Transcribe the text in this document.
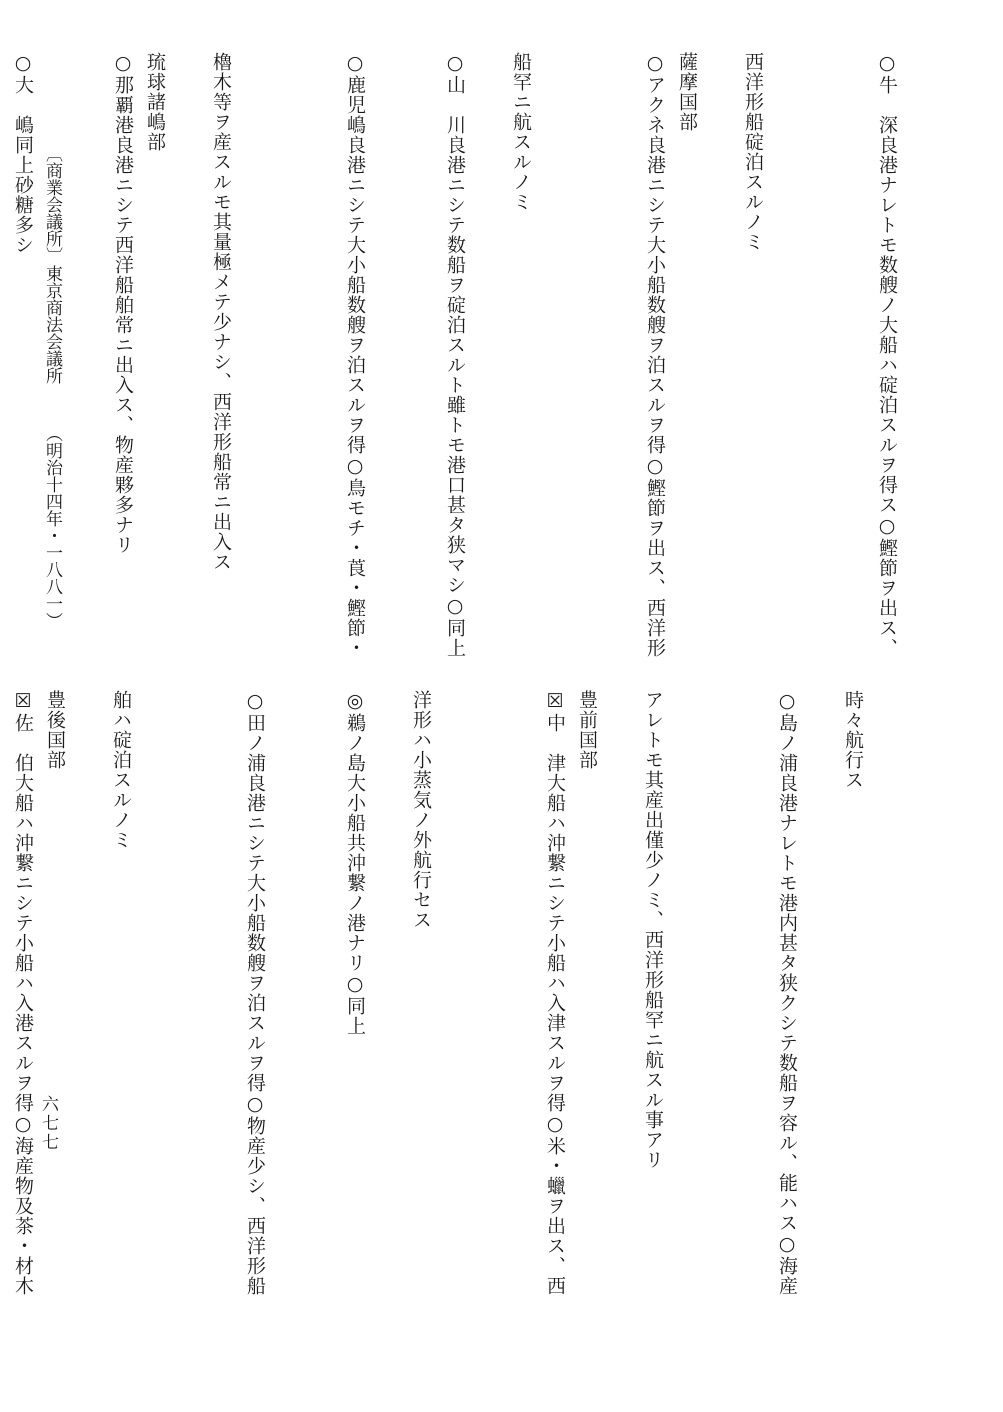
○牛　深良港ナレトモ数艘ノ大船ハ碇泊スルヲ得ス○鰹節ヲ出ス、
西洋形船碇泊スルノミ
薩摩国部
○アクネ良港ニシテ大小船数艘ヲ泊スルヲ得○鰹節ヲ出ス、西洋形
船罕ニ航スルノミ
○山　川良港ニシテ数船ヲ碇泊スルト雖トモ港口甚タ狭マシ○同上
○鹿児嶋良港ニシテ大小船数艘ヲ泊スルヲ得○鳥モチ・莨・鰹節・
櫓木等ヲ産スルモ其量極メテ少ナシ、西洋形船常ニ出入ス
琉球諸嶋部
○那覇港良港ニシテ西洋船舶常ニ出入ス、物産夥多ナリ
○大　嶋同上砂糖多シ
時々航行ス
○島ノ浦良港ナレトモ港内甚タ狭クシテ数船ヲ容ル、能ハス○海産
アレトモ其産出僅少ノミ、西洋形船罕ニ航スル事アリ
豊前国部
☒中　津大船ハ沖繋ニシテ小船ハ入津スルヲ得○米・蠟ヲ出ス、西
洋形ハ小蒸気ノ外航行セス
◎鵜ノ島大小船共沖繋ノ港ナリ○同上
○田ノ浦良港ニシテ大小船数艘ヲ泊スルヲ得○物産少シ、西洋形船
舶ハ碇泊スルノミ
豊後国部
☒佐　伯大船ハ沖繋ニシテ小船ハ入港スルヲ得○海産物及茶・材木
〔商業会議所〕
東京商法会議所
（明治十四年・一八八一）
六七七
